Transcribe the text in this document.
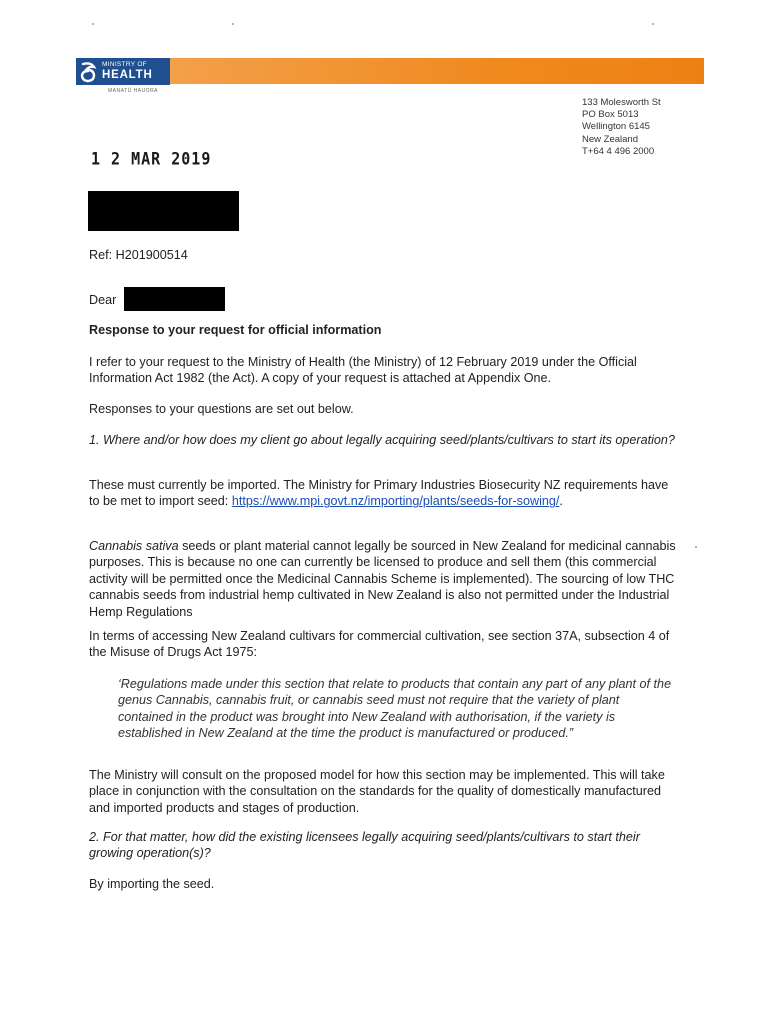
MINISTRY OF
HEALTH
MANATŪ HAUORA
133 Molesworth St
PO Box 5013
Wellington 6145
New Zealand
T+64 4 496 2000
1 2 MAR 2019
Ref: H201900514
Dear
Response to your request for official information
I refer to your request to the Ministry of Health (the Ministry) of 12 February 2019 under the Official Information Act 1982 (the Act). A copy of your request is attached at Appendix One.
Responses to your questions are set out below.
1. Where and/or how does my client go about legally acquiring seed/plants/cultivars to start its operation?
These must currently be imported. The Ministry for Primary Industries Biosecurity NZ requirements have to be met to import seed: https://www.mpi.govt.nz/importing/plants/seeds-for-sowing/.
Cannabis sativa seeds or plant material cannot legally be sourced in New Zealand for medicinal cannabis purposes. This is because no one can currently be licensed to produce and sell them (this commercial activity will be permitted once the Medicinal Cannabis Scheme is implemented). The sourcing of low THC cannabis seeds from industrial hemp cultivated in New Zealand is also not permitted under the Industrial Hemp Regulations
In terms of accessing New Zealand cultivars for commercial cultivation, see section 37A, subsection 4 of the Misuse of Drugs Act 1975:
‘Regulations made under this section that relate to products that contain any part of any plant of the genus Cannabis, cannabis fruit, or cannabis seed must not require that the variety of plant contained in the product was brought into New Zealand with authorisation, if the variety is established in New Zealand at the time the product is manufactured or produced.”
The Ministry will consult on the proposed model for how this section may be implemented. This will take place in conjunction with the consultation on the standards for the quality of domestically manufactured and imported products and stages of production.
2. For that matter, how did the existing licensees legally acquiring seed/plants/cultivars to start their growing operation(s)?
By importing the seed.
